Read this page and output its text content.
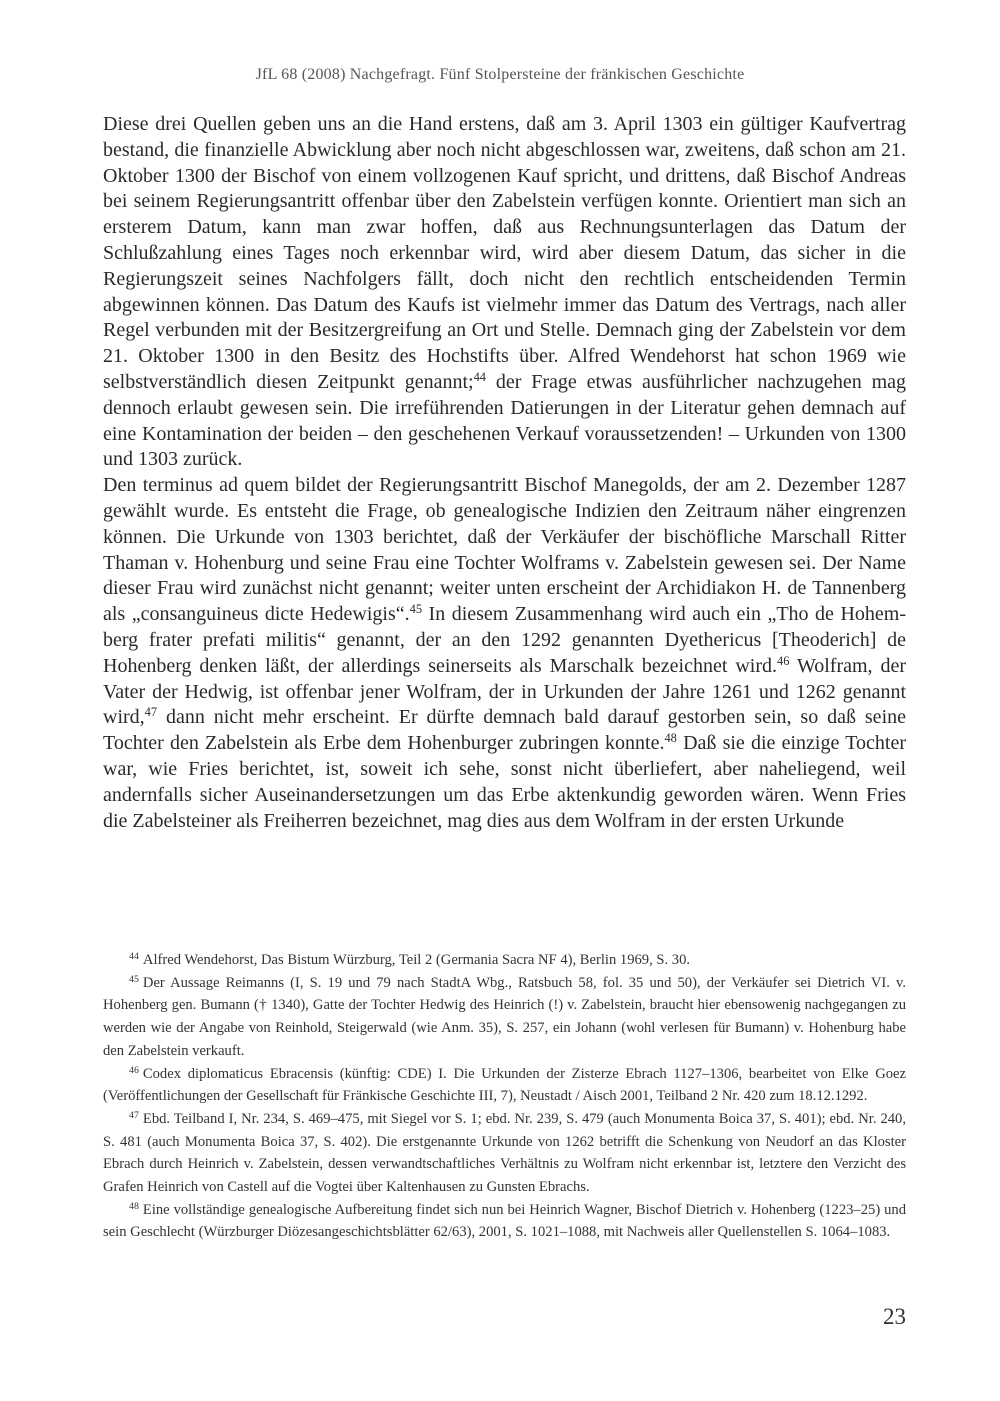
JfL 68 (2008) Nachgefragt. Fünf Stolpersteine der fränkischen Geschichte

Diese drei Quellen geben uns an die Hand erstens, daß am 3. April 1303 ein gültiger Kaufvertrag bestand, die finanzielle Abwicklung aber noch nicht abgeschlossen war, zweitens, daß schon am 21. Oktober 1300 der Bischof von einem vollzogenen Kauf spricht, und drittens, daß Bischof Andreas bei seinem Regierungsantritt offenbar über den Zabelstein verfügen konnte. Orientiert man sich an ersterem Datum, kann man zwar hoffen, daß aus Rechnungsunterlagen das Datum der Schlußzahlung eines Tages noch erkennbar wird, wird aber diesem Datum, das sicher in die Regierungszeit seines Nachfolgers fällt, doch nicht den rechtlich entscheidenden Termin abgewinnen können. Das Datum des Kaufs ist vielmehr immer das Datum des Vertrags, nach aller Regel verbunden mit der Besitzergreifung an Ort und Stelle. Demnach ging der Zabelstein vor dem 21. Oktober 1300 in den Besitz des Hochstifts über. Alfred Wendehorst hat schon 1969 wie selbstverständlich diesen Zeitpunkt genannt;$^{44}$ der Frage etwas ausführlicher nachzugehen mag dennoch erlaubt gewesen sein. Die irreführenden Datierungen in der Literatur gehen demnach auf eine Kontamination der beiden – den geschehenen Verkauf voraussetzenden! – Urkunden von 1300 und 1303 zurück.

Den terminus ad quem bildet der Regierungsantritt Bischof Manegolds, der am 2. Dezember 1287 gewählt wurde. Es entsteht die Frage, ob genealogische Indizien den Zeitraum näher eingrenzen können. Die Urkunde von 1303 berichtet, daß der Verkäufer der bischöfliche Marschall Ritter Thaman v. Hohenburg und seine Frau eine Tochter Wolframs v. Zabelstein gewesen sei. Der Name dieser Frau wird zunächst nicht genannt; weiter unten erscheint der Archidiakon H. de Tannenberg als „consanguineus dicte Hedewigis“.$^{45}$ In diesem Zusammenhang wird auch ein „Tho de Hohemberg frater prefati militis“ genannt, der an den 1292 genannten Dyethericus [Theoderich] de Hohenberg denken läßt, der allerdings seinerseits als Marschalk bezeichnet wird.$^{46}$ Wolfram, der Vater der Hedwig, ist offenbar jener Wolfram, der in Urkunden der Jahre 1261 und 1262 genannt wird,$^{47}$ dann nicht mehr erscheint. Er dürfte demnach bald darauf gestorben sein, so daß seine Tochter den Zabelstein als Erbe dem Hohenburger zubringen konnte.$^{48}$ Daß sie die einzige Tochter war, wie Fries berichtet, ist, soweit ich sehe, sonst nicht überliefert, aber naheliegend, weil andernfalls sicher Auseinandersetzungen um das Erbe aktenkundig geworden wären. Wenn Fries die Zabelsteiner als Freiherren bezeichnet, mag dies aus dem Wolfram in der ersten Urkunde

$^{44}$ Alfred Wendehorst, Das Bistum Würzburg, Teil 2 (Germania Sacra NF 4), Berlin 1969, S. 30.

$^{45}$ Der Aussage Reimanns (I, S. 19 und 79 nach StadtA Wbg., Ratsbuch 58, fol. 35 und 50), der Verkäufer sei Dietrich VI. v. Hohenberg gen. Bumann († 1340), Gatte der Tochter Hedwig des Heinrich (!) v. Zabelstein, braucht hier ebensowenig nachgegangen zu werden wie der Angabe von Reinhold, Steigerwald (wie Anm. 35), S. 257, ein Johann (wohl verlesen für Bumann) v. Hohenburg habe den Zabelstein verkauft.

$^{46}$ Codex diplomaticus Ebracensis (künftig: CDE) I. Die Urkunden der Zisterze Ebrach 1127–1306, bearbeitet von Elke Goez (Veröffentlichungen der Gesellschaft für Fränkische Geschichte III, 7), Neustadt / Aisch 2001, Teilband 2 Nr. 420 zum 18.12.1292.

$^{47}$ Ebd. Teilband I, Nr. 234, S. 469–475, mit Siegel vor S. 1; ebd. Nr. 239, S. 479 (auch Monumenta Boica 37, S. 401); ebd. Nr. 240, S. 481 (auch Monumenta Boica 37, S. 402). Die erstgenannte Urkunde von 1262 betrifft die Schenkung von Neudorf an das Kloster Ebrach durch Heinrich v. Zabelstein, dessen verwandtschaftliches Verhältnis zu Wolfram nicht erkennbar ist, letztere den Verzicht des Grafen Heinrich von Castell auf die Vogtei über Kaltenhausen zu Gunsten Ebrachs.

$^{48}$ Eine vollständige genealogische Aufbereitung findet sich nun bei Heinrich Wagner, Bischof Dietrich v. Hohenberg (1223–25) und sein Geschlecht (Würzburger Diözesangeschichtsblätter 62/63), 2001, S. 1021–1088, mit Nachweis aller Quellenstellen S. 1064–1083.

23
